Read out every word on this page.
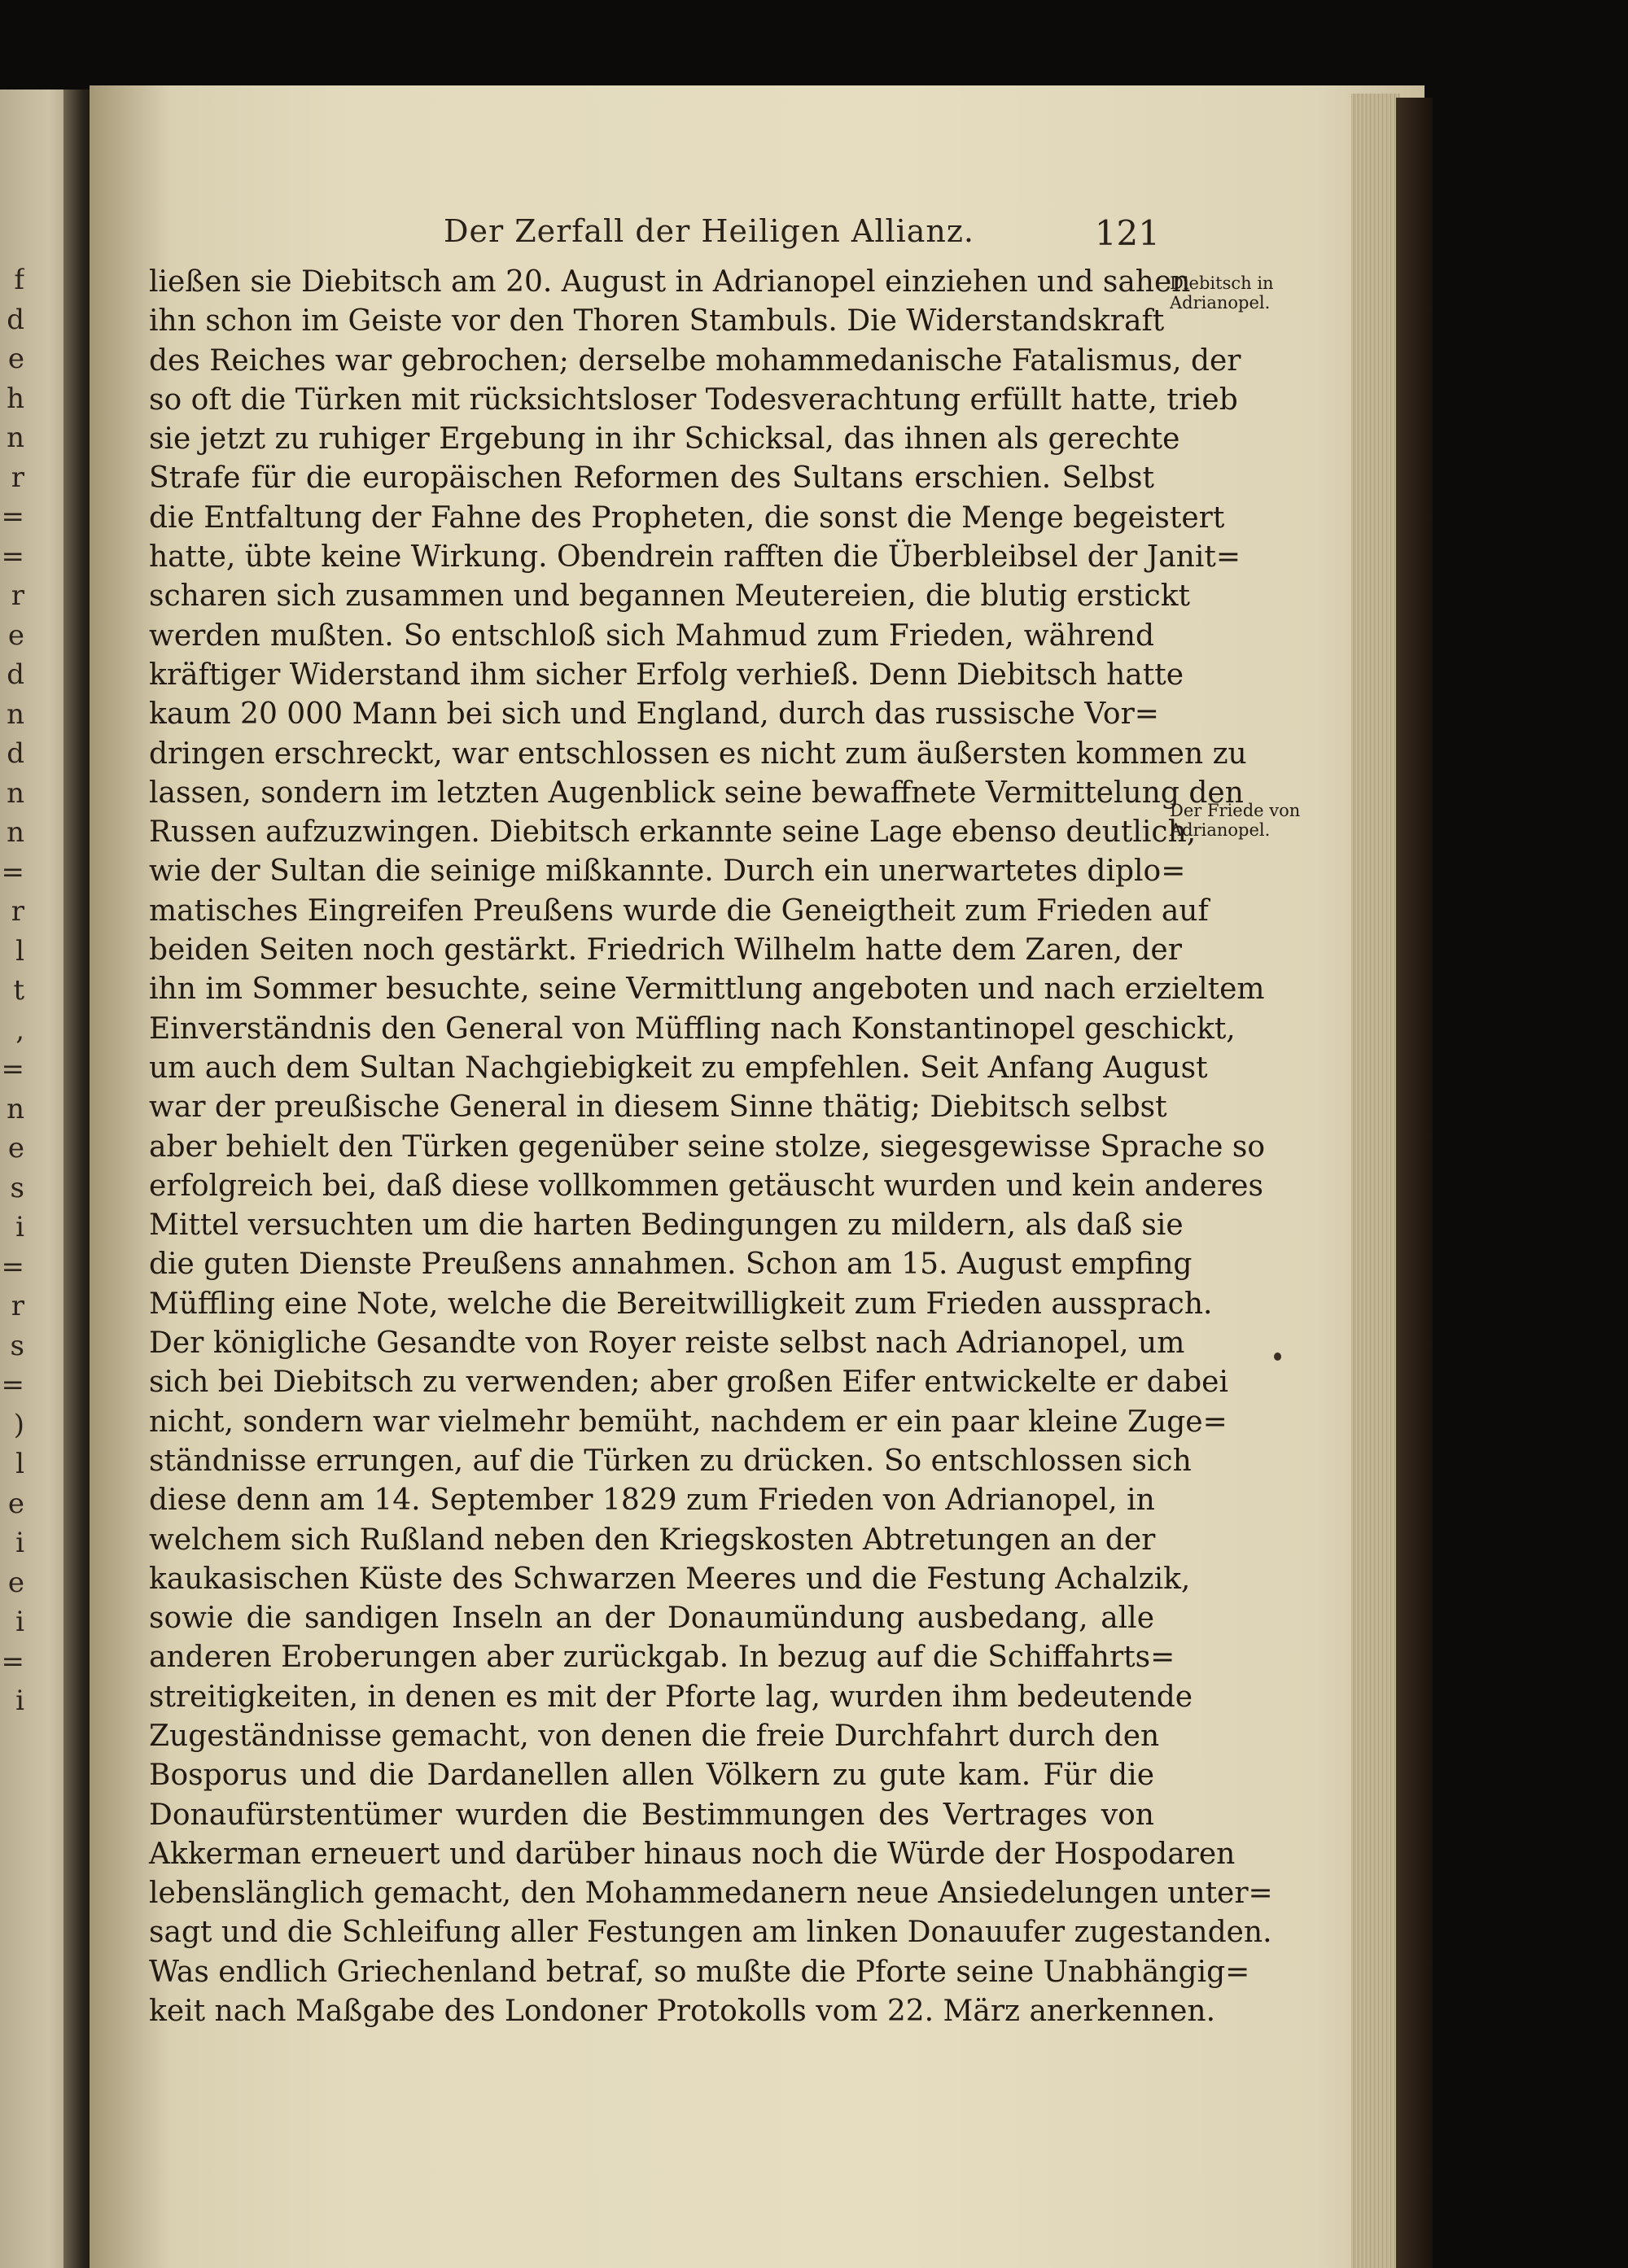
f
d
e
h
n
r
=
=
r
e
d
n
d
n
n
=
r
l
t
,
=
n
e
s
i
=
r
s
=
)
l
e
i
e
i
=
i
Der Zerfall der Heiligen Allianz.	121
ließen sie Diebitsch am 20. August in Adrianopel einziehen und sahen
ihn schon im Geiste vor den Thoren Stambuls. Die Widerstandskraft
des Reiches war gebrochen; derselbe mohammedanische Fatalismus, der
so oft die Türken mit rücksichtsloser Todesverachtung erfüllt hatte, trieb
sie jetzt zu ruhiger Ergebung in ihr Schicksal, das ihnen als gerechte
Strafe für die europäischen Reformen des Sultans erschien. Selbst
die Entfaltung der Fahne des Propheten, die sonst die Menge begeistert
hatte, übte keine Wirkung. Obendrein rafften die Überbleibsel der Janit=
scharen sich zusammen und begannen Meutereien, die blutig erstickt
werden mußten. So entschloß sich Mahmud zum Frieden, während
kräftiger Widerstand ihm sicher Erfolg verhieß. Denn Diebitsch hatte
kaum 20 000 Mann bei sich und England, durch das russische Vor=
dringen erschreckt, war entschlossen es nicht zum äußersten kommen zu
lassen, sondern im letzten Augenblick seine bewaffnete Vermittelung den
Russen aufzuzwingen. Diebitsch erkannte seine Lage ebenso deutlich,
wie der Sultan die seinige mißkannte. Durch ein unerwartetes diplo=
matisches Eingreifen Preußens wurde die Geneigtheit zum Frieden auf
beiden Seiten noch gestärkt. Friedrich Wilhelm hatte dem Zaren, der
ihn im Sommer besuchte, seine Vermittlung angeboten und nach erzieltem
Einverständnis den General von Müffling nach Konstantinopel geschickt,
um auch dem Sultan Nachgiebigkeit zu empfehlen. Seit Anfang August
war der preußische General in diesem Sinne thätig; Diebitsch selbst
aber behielt den Türken gegenüber seine stolze, siegesgewisse Sprache so
erfolgreich bei, daß diese vollkommen getäuscht wurden und kein anderes
Mittel versuchten um die harten Bedingungen zu mildern, als daß sie
die guten Dienste Preußens annahmen. Schon am 15. August empfing
Müffling eine Note, welche die Bereitwilligkeit zum Frieden aussprach.
Der königliche Gesandte von Royer reiste selbst nach Adrianopel, um
sich bei Diebitsch zu verwenden; aber großen Eifer entwickelte er dabei
nicht, sondern war vielmehr bemüht, nachdem er ein paar kleine Zuge=
ständnisse errungen, auf die Türken zu drücken. So entschlossen sich
diese denn am 14. September 1829 zum Frieden von Adrianopel, in
welchem sich Rußland neben den Kriegskosten Abtretungen an der
kaukasischen Küste des Schwarzen Meeres und die Festung Achalzik,
sowie die sandigen Inseln an der Donaumündung ausbedang, alle
anderen Eroberungen aber zurückgab. In bezug auf die Schiffahrts=
streitigkeiten, in denen es mit der Pforte lag, wurden ihm bedeutende
Zugeständnisse gemacht, von denen die freie Durchfahrt durch den
Bosporus und die Dardanellen allen Völkern zu gute kam. Für die
Donaufürstentümer wurden die Bestimmungen des Vertrages von
Akkerman erneuert und darüber hinaus noch die Würde der Hospodaren
lebenslänglich gemacht, den Mohammedanern neue Ansiedelungen unter=
sagt und die Schleifung aller Festungen am linken Donauufer zugestanden.
Was endlich Griechenland betraf, so mußte die Pforte seine Unabhängig=
keit nach Maßgabe des Londoner Protokolls vom 22. März anerkennen.
Diebitsch in
Adrianopel.
Der Friede von
Adrianopel.
